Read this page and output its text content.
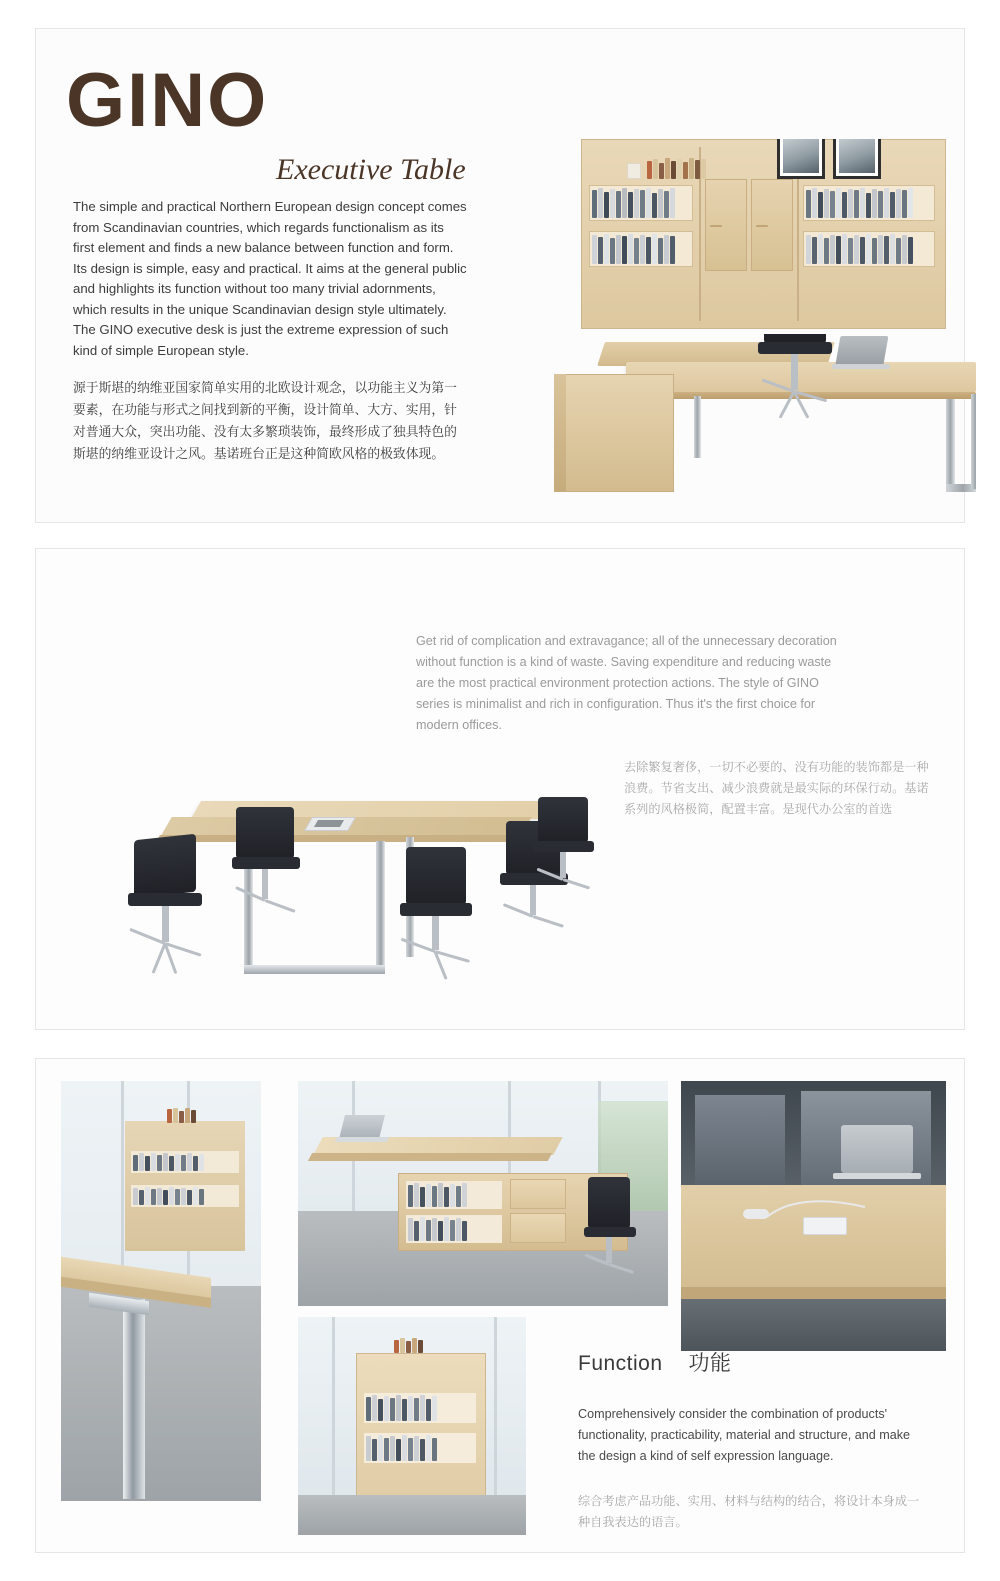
GINO
Executive Table
The simple and practical Northern European design concept comes from Scandinavian countries, which regards functionalism as its first element and finds a new balance between function and form. Its design is simple, easy and practical. It aims at the general public and highlights its function without too many trivial adornments, which results in the unique Scandinavian design style ultimately. The GINO executive desk is just the extreme expression of such kind of simple European style.
源于斯堪的纳维亚国家简单实用的北欧设计观念，以功能主义为第一要素，在功能与形式之间找到新的平衡，设计简单、大方、实用，针对普通大众，突出功能、没有太多繁琐装饰，最终形成了独具特色的斯堪的纳维亚设计之风。基诺班台正是这种简欧风格的极致体现。
Get rid of complication and extravagance; all of the unnecessary decoration without function is a kind of waste. Saving expenditure and reducing waste are the most practical environment protection actions. The style of GINO series is minimalist and rich in configuration. Thus it's the first choice for modern offices.
去除繁复奢侈，一切不必要的、没有功能的装饰都是一种浪费。节省支出、减少浪费就是最实际的环保行动。基诺系列的风格极简，配置丰富。是现代办公室的首选
Function 功能
Comprehensively consider the combination of products' functionality, practicability, material and structure, and make the design a kind of self expression language.
综合考虑产品功能、实用、材料与结构的结合，将设计本身成一种自我表达的语言。
